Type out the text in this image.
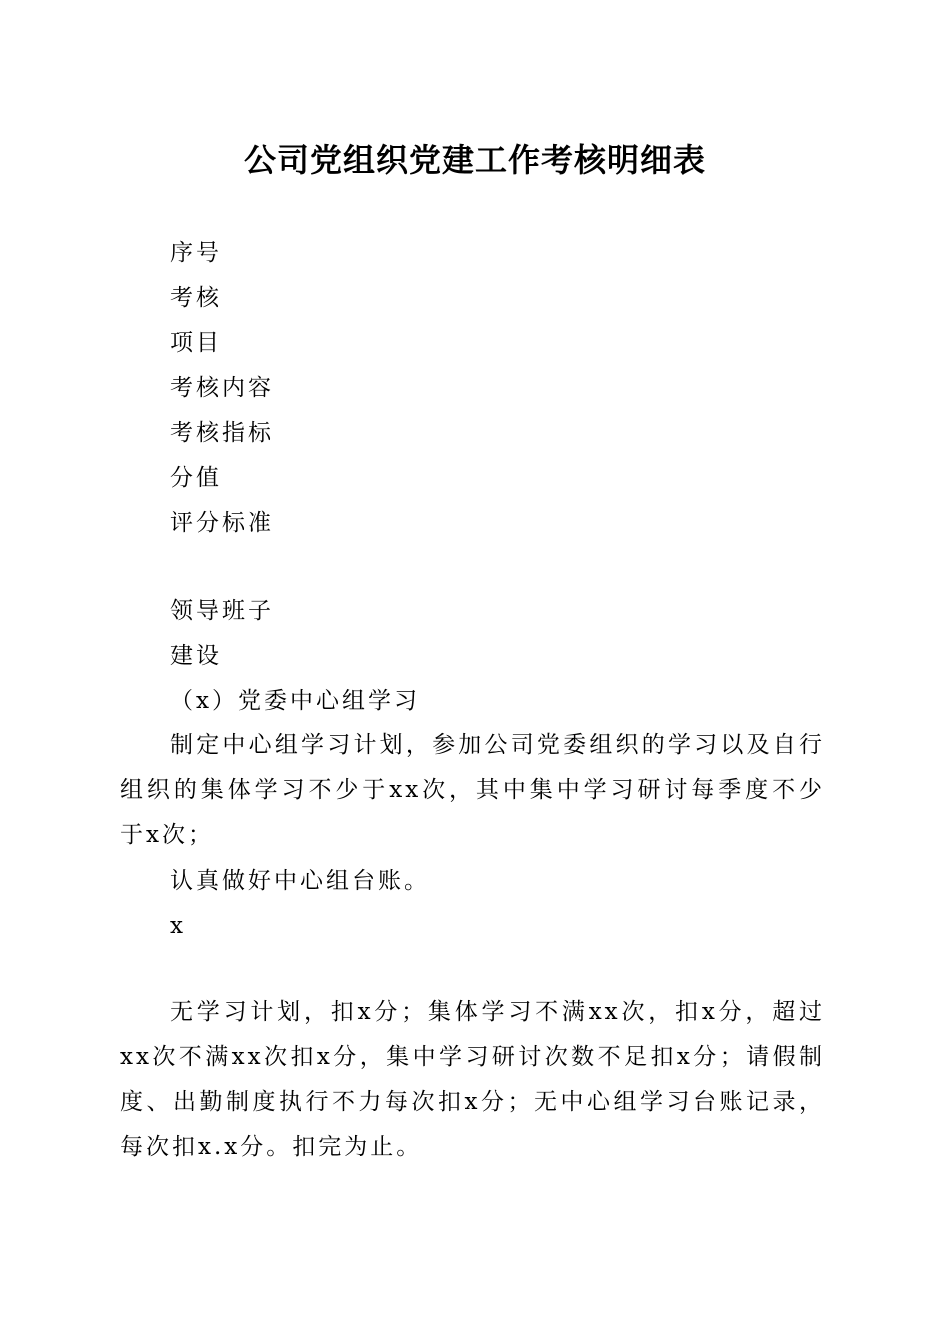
公司党组织党建工作考核明细表
序号
考核
项目
考核内容
考核指标
分值
评分标准
领导班子
建设
（x）党委中心组学习
制定中心组学习计划，参加公司党委组织的学习以及自行组织的集体学习不少于xx次，其中集中学习研讨每季度不少于x次；
认真做好中心组台账。
x
无学习计划，扣x分；集体学习不满xx次，扣x分，超过xx次不满xx次扣x分，集中学习研讨次数不足扣x分；请假制度、出勤制度执行不力每次扣x分；无中心组学习台账记录，每次扣x.x分。扣完为止。
